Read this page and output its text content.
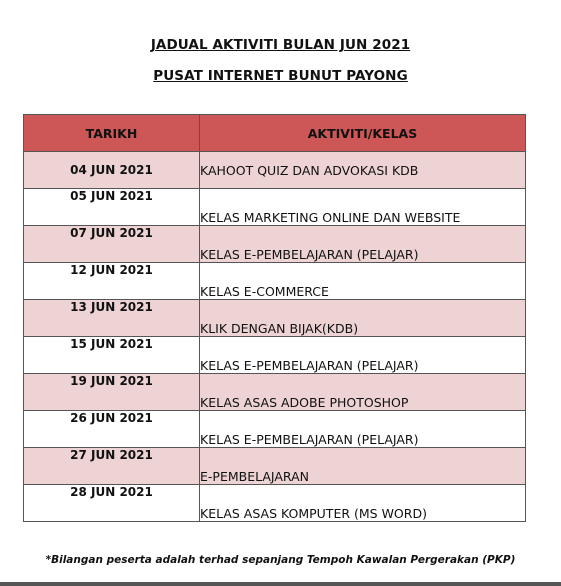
JADUAL AKTIVITI BULAN JUN 2021
PUSAT INTERNET BUNUT PAYONG
TARIKH	AKTIVITI/KELAS
04 JUN 2021	KAHOOT QUIZ DAN ADVOKASI KDB
05 JUN 2021	KELAS MARKETING ONLINE DAN WEBSITE
07 JUN 2021	KELAS E-PEMBELAJARAN (PELAJAR)
12 JUN 2021	KELAS E-COMMERCE
13 JUN 2021	KLIK DENGAN BIJAK(KDB)
15 JUN 2021	KELAS E-PEMBELAJARAN (PELAJAR)
19 JUN 2021	KELAS ASAS ADOBE PHOTOSHOP
26 JUN 2021	KELAS E-PEMBELAJARAN (PELAJAR)
27 JUN 2021	E-PEMBELAJARAN
28 JUN 2021	KELAS ASAS KOMPUTER (MS WORD)
*Bilangan peserta adalah terhad sepanjang Tempoh Kawalan Pergerakan (PKP)
